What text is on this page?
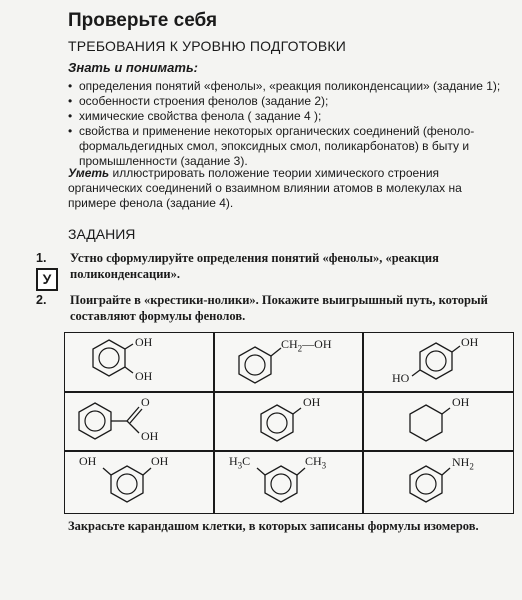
Проверьте себя
ТРЕБОВАНИЯ К УРОВНЮ ПОДГОТОВКИ
Знать и понимать:
• определения понятий «фенолы», «реакция поликонденсации» (задание 1);
• особенности строения фенолов (задание 2);
• химические свойства фенола ( задание 4 );
• свойства и применение некоторых органических соединений (феноло-формальдегидных смол, эпоксидных смол, поликарбонатов) в быту и промышленности (задание 3).
Уметь иллюстрировать положение теории химического строения органических соединений о взаимном влиянии атомов в молекулах на примере фенола (задание 4).
ЗАДАНИЯ
1. Устно сформулируйте определения понятий «фенолы», «реакция поликонденсации».
У
2. Поиграйте в «крестики-нолики». Покажите выигрышный путь, который составляют формулы фенолов.
OH
OH
$CH_2—OH$	OH
HO
O
OH
OH	OH
OH	OH	$H_3C$	$CH_3$	$NH_2$
Закрасьте карандашом клетки, в которых записаны формулы изомеров.
